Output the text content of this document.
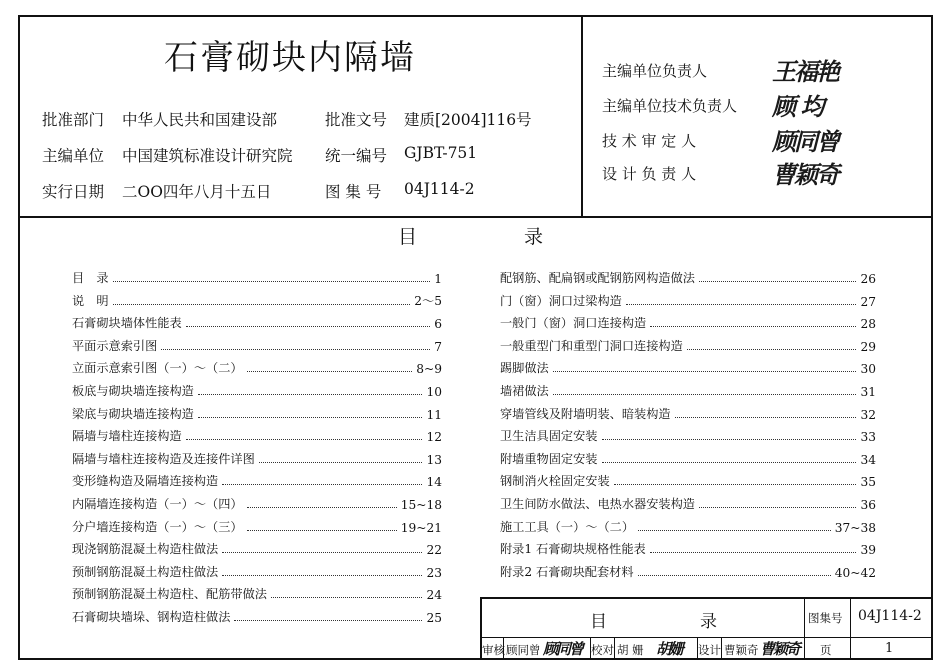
石膏砌块内隔墙
批准部门 中华人民共和国建设部	批准文号 建质[2004]116号
主编单位 中国建筑标准设计研究院 统一编号 GJBT-751
实行日期 二OO四年八月十五日	图 集 号 04J114-2
主编单位负责人	王福艳
主编单位技术负责人	顾 均
技 术 审 定 人	顾同曾
设 计 负 责 人	曹颖奇
目	录
目　录	1
说　明	2～5
石膏砌块墙体性能表	6
平面示意索引图	7
立面示意索引图（一）～（二）	8~9
板底与砌块墙连接构造	10
梁底与砌块墙连接构造	11
隔墙与墙柱连接构造	12
隔墙与墙柱连接构造及连接件详图	13
变形缝构造及隔墙连接构造	14
内隔墙连接构造（一）～（四）	15~18
分户墙连接构造（一）～（三）	19~21
现浇钢筋混凝土构造柱做法	22
预制钢筋混凝土构造柱做法	23
预制钢筋混凝土构造柱、配筋带做法	24
石膏砌块墙垛、钢构造柱做法	25
配钢筋、配扁钢或配钢筋网构造做法	26
门（窗）洞口过梁构造	27
一般门（窗）洞口连接构造	28
一般重型门和重型门洞口连接构造	29
踢脚做法	30
墙裙做法	31
穿墙管线及附墙明装、暗装构造	32
卫生洁具固定安装	33
附墙重物固定安装	34
钢制消火栓固定安装	35
卫生间防水做法、电热水器安装构造	36
施工工具（一）～（二）	37~38
附录1 石膏砌块规格性能表	39
附录2 石膏砌块配套材料	40~42
目	录	图集号 04J114-2
审核 顾同曾 顾同曾 校对 胡 姗 胡姗 设计 曹颖奇 曹颖奇 页	1
